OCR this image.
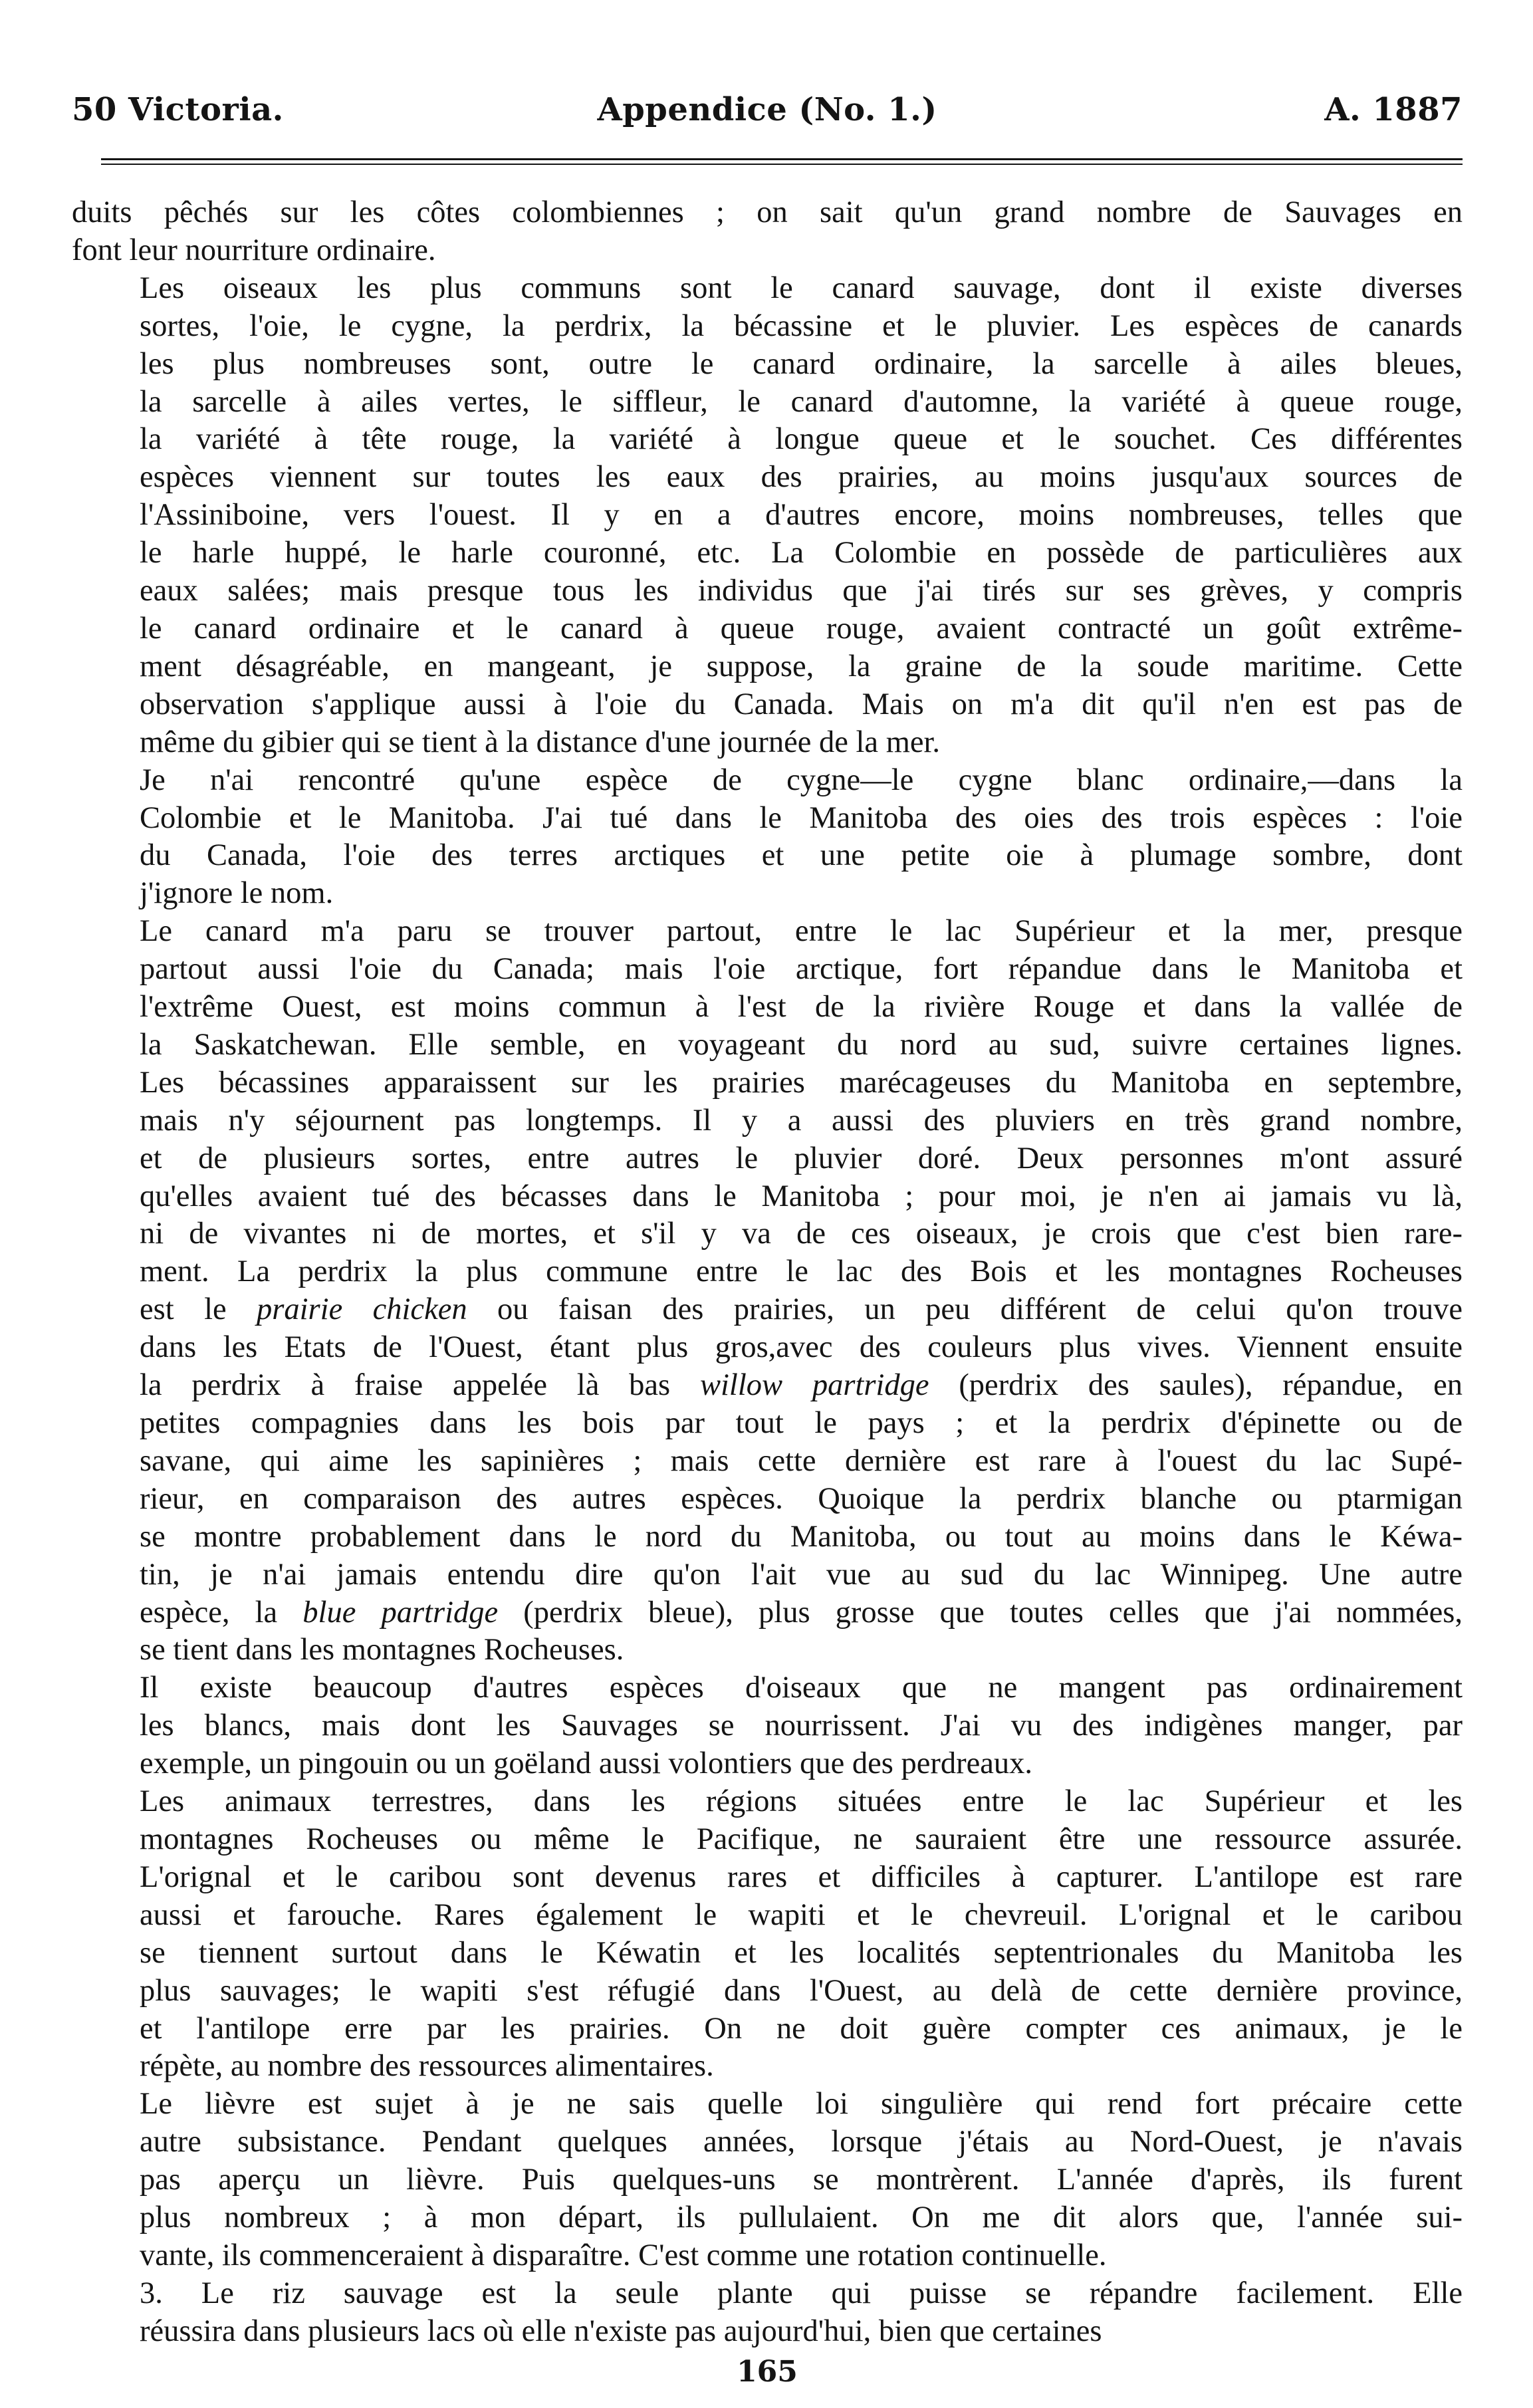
50 Victoria.	Appendice (No. 1.)	A. 1887

duits pêchés sur les côtes colombiennes ; on sait qu'un grand nombre de Sauvages en
font leur nourriture ordinaire.

Les oiseaux les plus communs sont le canard sauvage, dont il existe diverses
sortes, l'oie, le cygne, la perdrix, la bécassine et le pluvier. Les espèces de canards
les plus nombreuses sont, outre le canard ordinaire, la sarcelle à ailes bleues,
la sarcelle à ailes vertes, le siffleur, le canard d'automne, la variété à queue rouge,
la variété à tête rouge, la variété à longue queue et le souchet. Ces différentes
espèces viennent sur toutes les eaux des prairies, au moins jusqu'aux sources de
l'Assiniboine, vers l'ouest. Il y en a d'autres encore, moins nombreuses, telles que
le harle huppé, le harle couronné, etc. La Colombie en possède de particulières aux
eaux salées; mais presque tous les individus que j'ai tirés sur ses grèves, y compris
le canard ordinaire et le canard à queue rouge, avaient contracté un goût extrême-
ment désagréable, en mangeant, je suppose, la graine de la soude maritime. Cette
observation s'applique aussi à l'oie du Canada. Mais on m'a dit qu'il n'en est pas de
même du gibier qui se tient à la distance d'une journée de la mer.

Je n'ai rencontré qu'une espèce de cygne—le cygne blanc ordinaire,—dans la
Colombie et le Manitoba. J'ai tué dans le Manitoba des oies des trois espèces : l'oie
du Canada, l'oie des terres arctiques et une petite oie à plumage sombre, dont
j'ignore le nom.

Le canard m'a paru se trouver partout, entre le lac Supérieur et la mer, presque
partout aussi l'oie du Canada; mais l'oie arctique, fort répandue dans le Manitoba et
l'extrême Ouest, est moins commun à l'est de la rivière Rouge et dans la vallée de
la Saskatchewan. Elle semble, en voyageant du nord au sud, suivre certaines lignes.
Les bécassines apparaissent sur les prairies marécageuses du Manitoba en septembre,
mais n'y séjournent pas longtemps. Il y a aussi des pluviers en très grand nombre,
et de plusieurs sortes, entre autres le pluvier doré. Deux personnes m'ont assuré
qu'elles avaient tué des bécasses dans le Manitoba ; pour moi, je n'en ai jamais vu là,
ni de vivantes ni de mortes, et s'il y va de ces oiseaux, je crois que c'est bien rare-
ment. La perdrix la plus commune entre le lac des Bois et les montagnes Rocheuses
est le prairie chicken ou faisan des prairies, un peu différent de celui qu'on trouve
dans les Etats de l'Ouest, étant plus gros,avec des couleurs plus vives. Viennent ensuite
la perdrix à fraise appelée là bas willow partridge (perdrix des saules), répandue, en
petites compagnies dans les bois par tout le pays ; et la perdrix d'épinette ou de
savane, qui aime les sapinières ; mais cette dernière est rare à l'ouest du lac Supé-
rieur, en comparaison des autres espèces. Quoique la perdrix blanche ou ptarmigan
se montre probablement dans le nord du Manitoba, ou tout au moins dans le Kéwa-
tin, je n'ai jamais entendu dire qu'on l'ait vue au sud du lac Winnipeg. Une autre
espèce, la blue partridge (perdrix bleue), plus grosse que toutes celles que j'ai nommées,
se tient dans les montagnes Rocheuses.

Il existe beaucoup d'autres espèces d'oiseaux que ne mangent pas ordinairement
les blancs, mais dont les Sauvages se nourrissent. J'ai vu des indigènes manger, par
exemple, un pingouin ou un goëland aussi volontiers que des perdreaux.

Les animaux terrestres, dans les régions situées entre le lac Supérieur et les
montagnes Rocheuses ou même le Pacifique, ne sauraient être une ressource assurée.
L'orignal et le caribou sont devenus rares et difficiles à capturer. L'antilope est rare
aussi et farouche. Rares également le wapiti et le chevreuil. L'orignal et le caribou
se tiennent surtout dans le Kéwatin et les localités septentrionales du Manitoba les
plus sauvages; le wapiti s'est réfugié dans l'Ouest, au delà de cette dernière province,
et l'antilope erre par les prairies. On ne doit guère compter ces animaux, je le
répète, au nombre des ressources alimentaires.

Le lièvre est sujet à je ne sais quelle loi singulière qui rend fort précaire cette
autre subsistance. Pendant quelques années, lorsque j'étais au Nord-Ouest, je n'avais
pas aperçu un lièvre. Puis quelques-uns se montrèrent. L'année d'après, ils furent
plus nombreux ; à mon départ, ils pullulaient. On me dit alors que, l'année sui-
vante, ils commenceraient à disparaître. C'est comme une rotation continuelle.

3. Le riz sauvage est la seule plante qui puisse se répandre facilement. Elle
réussira dans plusieurs lacs où elle n'existe pas aujourd'hui, bien que certaines

165
